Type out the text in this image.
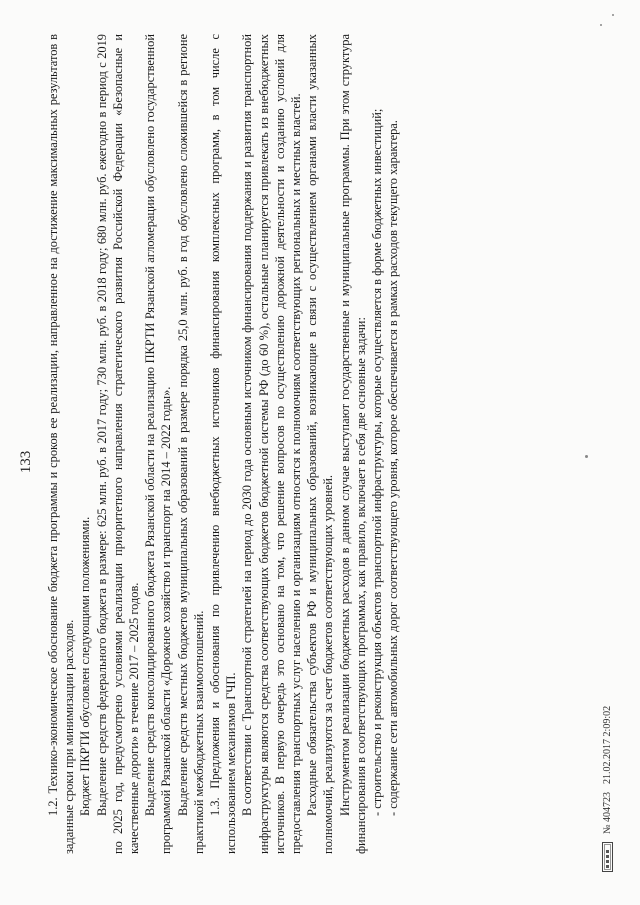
133 1.2. Технико-экономическое обоснование бюджета программы и сроков ее реализации, направленное на достижение максимальных результатов в заданные сроки при минимизации расходов. Бюджет ПКРТИ обусловлен следующими положениями. Выделение средств федерального бюджета в размере: 625 млн. руб. в 2017 году; 730 млн. руб. в 2018 году; 680 млн. руб. ежегодно в период с 2019 по 2025 год, предусмотрено условиями реализации приоритетного направления стратегического развития Российской Федерации «Безопасные и качественные дороги» в течение 2017 – 2025 годов. Выделение средств консолидированного бюджета Рязанской области на реализацию ПКРТИ Рязанской агломерации обусловлено государственной программой Рязанской области «Дорожное хозяйство и транспорт на 2014 – 2022 годы». Выделение средств местных бюджетов муниципальных образований в размере порядка 25,0 млн. руб. в год обусловлено сложившейся в регионе практикой межбюджетных взаимоотношений. 1.3. Предложения и обоснования по привлечению внебюджетных источников финансирования комплексных программ, в том числе с использованием механизмов ГЧП. В соответствии с Транспортной стратегией на период до 2030 года основным источником финансирования поддержания и развития транспортной инфраструктуры являются средства соответствующих бюджетов бюджетной системы РФ (до 60 %), остальные планируется привлекать из внебюджетных источников. В первую очередь это основано на том, что решение вопросов по осуществлению дорожной деятельности и созданию условий для предоставления транспортных услуг населению и организациям относятся к полномочиям соответствующих региональных и местных властей. Расходные обязательства субъектов РФ и муниципальных образований, возникающие в связи с осуществлением органами власти указанных полномочий, реализуются за счет бюджетов соответствующих уровней. Инструментом реализации бюджетных расходов в данном случае выступают государственные и муниципальные программы. При этом структура финансирования в соответствующих программах, как правило, включает в себя две основные задачи: - строительство и реконструкция объектов транспортной инфраструктуры, которые осуществляется в форме бюджетных инвестиций; - содержание сети автомобильных дорог соответствующего уровня, которое обеспечивается в рамках расходов текущего характера.	№ 404723
21.02.2017 2:09:02
